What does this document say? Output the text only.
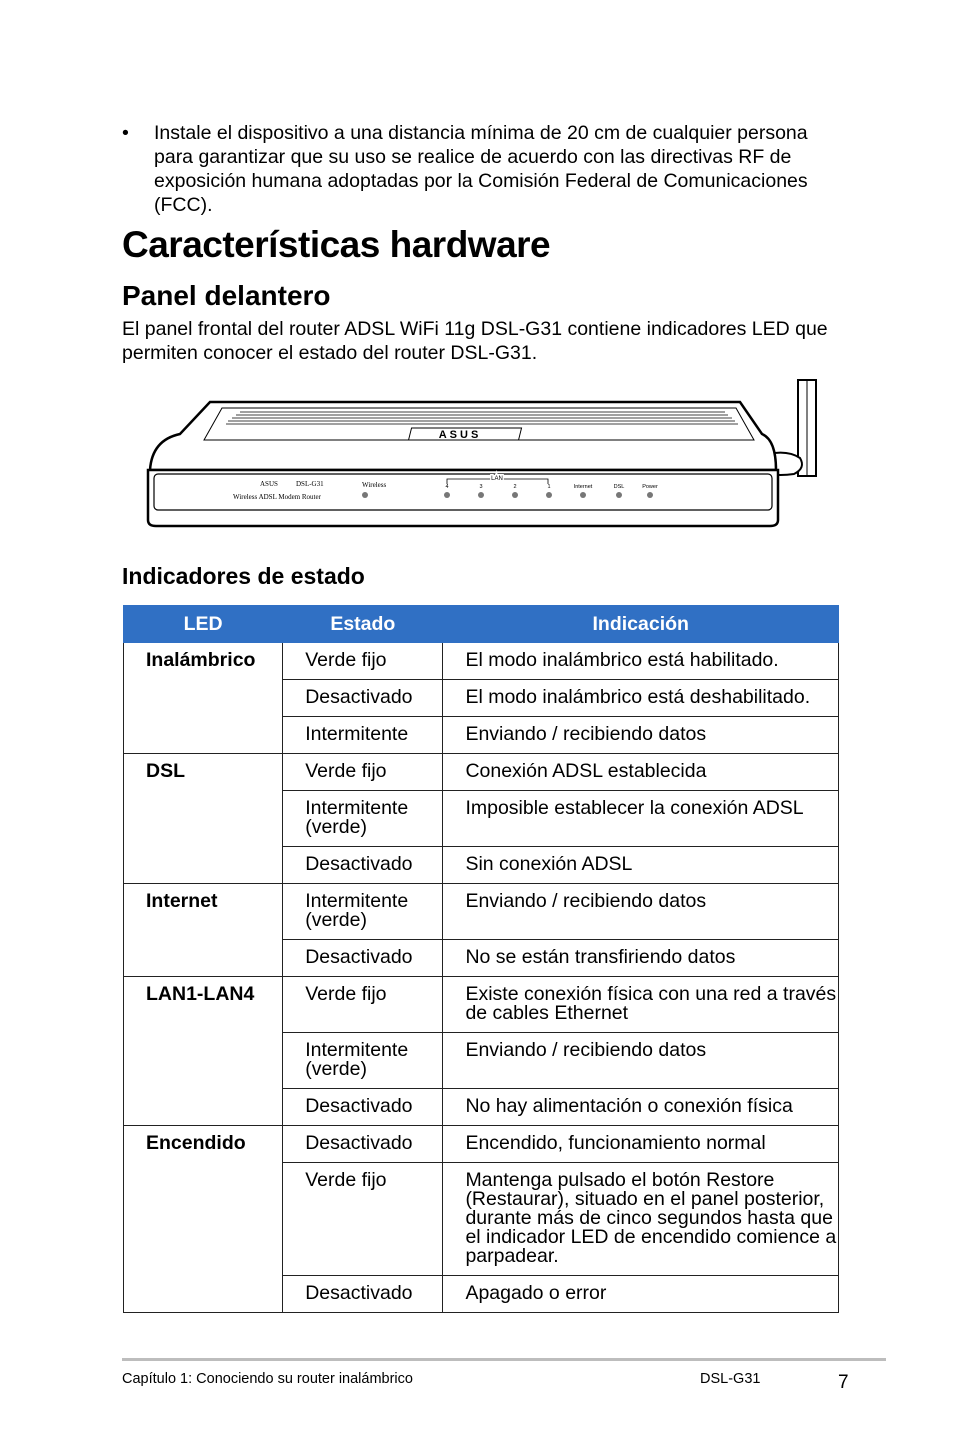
• Instale el dispositivo a una distancia mínima de 20 cm de cualquier persona para garantizar que su uso se realice de acuerdo con las directivas RF de exposición humana adoptadas por la Comisión Federal de Comunicaciones (FCC).
Características hardware
Panel delantero

El panel frontal del router ADSL WiFi 11g DSL-G31 contiene indicadores LED que permiten conocer el estado del router DSL-G31.

ASUS
ASUS	DSL-G31
Wireless ADSL Modem Router
Wireless
LAN
4	3	2	1	Internet	DSL	Power
Indicadores de estado
LED	Estado	Indicación
Inalámbrico	Verde fijo	El modo inalámbrico está habilitado.
	Desactivado	El modo inalámbrico está deshabilitado.
	Intermitente	Enviando / recibiendo datos
DSL	Verde fijo	Conexión ADSL establecida
	Intermitente (verde)	Imposible establecer la conexión ADSL
	Desactivado	Sin conexión ADSL
Internet	Intermitente (verde)	Enviando / recibiendo datos
	Desactivado	No se están transfiriendo datos
LAN1-LAN4	Verde fijo	Existe conexión física con una red a través de cables Ethernet
	Intermitente (verde)	Enviando / recibiendo datos
	Desactivado	No hay alimentación o conexión física
Encendido	Desactivado	Encendido, funcionamiento normal
	Verde fijo	Mantenga pulsado el botón Restore (Restaurar), situado en el panel posterior, durante más de cinco segundos hasta que el indicador LED de encendido comience a parpadear.
	Desactivado	Apagado o error
Capítulo 1: Conociendo su router inalámbrico	DSL-G31	7
